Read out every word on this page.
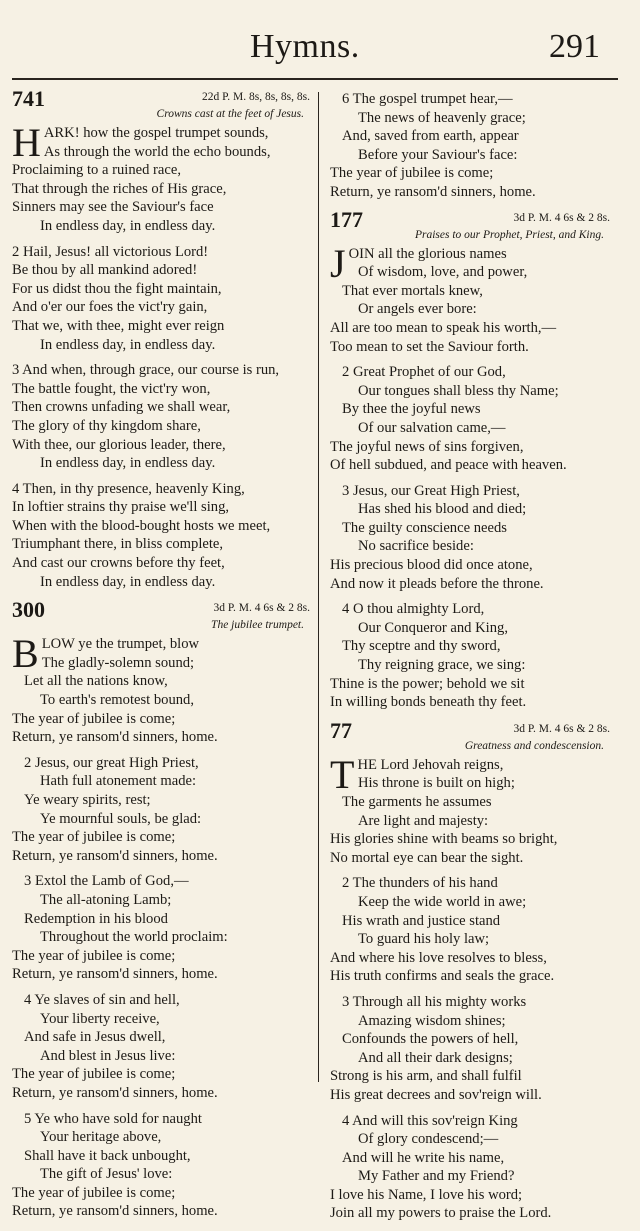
Hymns.	291
741	22d P. M. 8s, 8s, 8s, 8s.
Crowns cast at the feet of Jesus.
H ARK! how the gospel trumpet sounds,
As through the world the echo bounds,
Proclaiming to a ruined race,
That through the riches of His grace,
Sinners may see the Saviour's face
In endless day, in endless day.
2 Hail, Jesus! all victorious Lord!
Be thou by all mankind adored!
For us didst thou the fight maintain,
And o'er our foes the vict'ry gain,
That we, with thee, might ever reign
In endless day, in endless day.
3 And when, through grace, our course is run,
The battle fought, the vict'ry won,
Then crowns unfading we shall wear,
The glory of thy kingdom share,
With thee, our glorious leader, there,
In endless day, in endless day.
4 Then, in thy presence, heavenly King,
In loftier strains thy praise we'll sing,
When with the blood-bought hosts we meet,
Triumphant there, in bliss complete,
And cast our crowns before thy feet,
In endless day, in endless day.
300	3d P. M. 4 6s & 2 8s.
The jubilee trumpet.
B LOW ye the trumpet, blow
The gladly-solemn sound;
Let all the nations know,
To earth's remotest bound,
The year of jubilee is come;
Return, ye ransom'd sinners, home.
2 Jesus, our great High Priest,
Hath full atonement made:
Ye weary spirits, rest;
Ye mournful souls, be glad:
The year of jubilee is come;
Return, ye ransom'd sinners, home.
3 Extol the Lamb of God,—
The all-atoning Lamb;
Redemption in his blood
Throughout the world proclaim:
The year of jubilee is come;
Return, ye ransom'd sinners, home.
4 Ye slaves of sin and hell,
Your liberty receive,
And safe in Jesus dwell,
And blest in Jesus live:
The year of jubilee is come;
Return, ye ransom'd sinners, home.
5 Ye who have sold for naught
Your heritage above,
Shall have it back unbought,
The gift of Jesus' love:
The year of jubilee is come;
Return, ye ransom'd sinners, home.
6 The gospel trumpet hear,—
The news of heavenly grace;
And, saved from earth, appear
Before your Saviour's face:
The year of jubilee is come;
Return, ye ransom'd sinners, home.
177	3d P. M. 4 6s & 2 8s.
Praises to our Prophet, Priest, and King.
J OIN all the glorious names
Of wisdom, love, and power,
That ever mortals knew,
Or angels ever bore:
All are too mean to speak his worth,—
Too mean to set the Saviour forth.
2 Great Prophet of our God,
Our tongues shall bless thy Name;
By thee the joyful news
Of our salvation came,—
The joyful news of sins forgiven,
Of hell subdued, and peace with heaven.
3 Jesus, our Great High Priest,
Has shed his blood and died;
The guilty conscience needs
No sacrifice beside:
His precious blood did once atone,
And now it pleads before the throne.
4 O thou almighty Lord,
Our Conqueror and King,
Thy sceptre and thy sword,
Thy reigning grace, we sing:
Thine is the power; behold we sit
In willing bonds beneath thy feet.
77	3d P. M. 4 6s & 2 8s.
Greatness and condescension.
T HE Lord Jehovah reigns,
His throne is built on high;
The garments he assumes
Are light and majesty:
His glories shine with beams so bright,
No mortal eye can bear the sight.
2 The thunders of his hand
Keep the wide world in awe;
His wrath and justice stand
To guard his holy law;
And where his love resolves to bless,
His truth confirms and seals the grace.
3 Through all his mighty works
Amazing wisdom shines;
Confounds the powers of hell,
And all their dark designs;
Strong is his arm, and shall fulfil
His great decrees and sov'reign will.
4 And will this sov'reign King
Of glory condescend;—
And will he write his name,
My Father and my Friend?
I love his Name, I love his word;
Join all my powers to praise the Lord.
